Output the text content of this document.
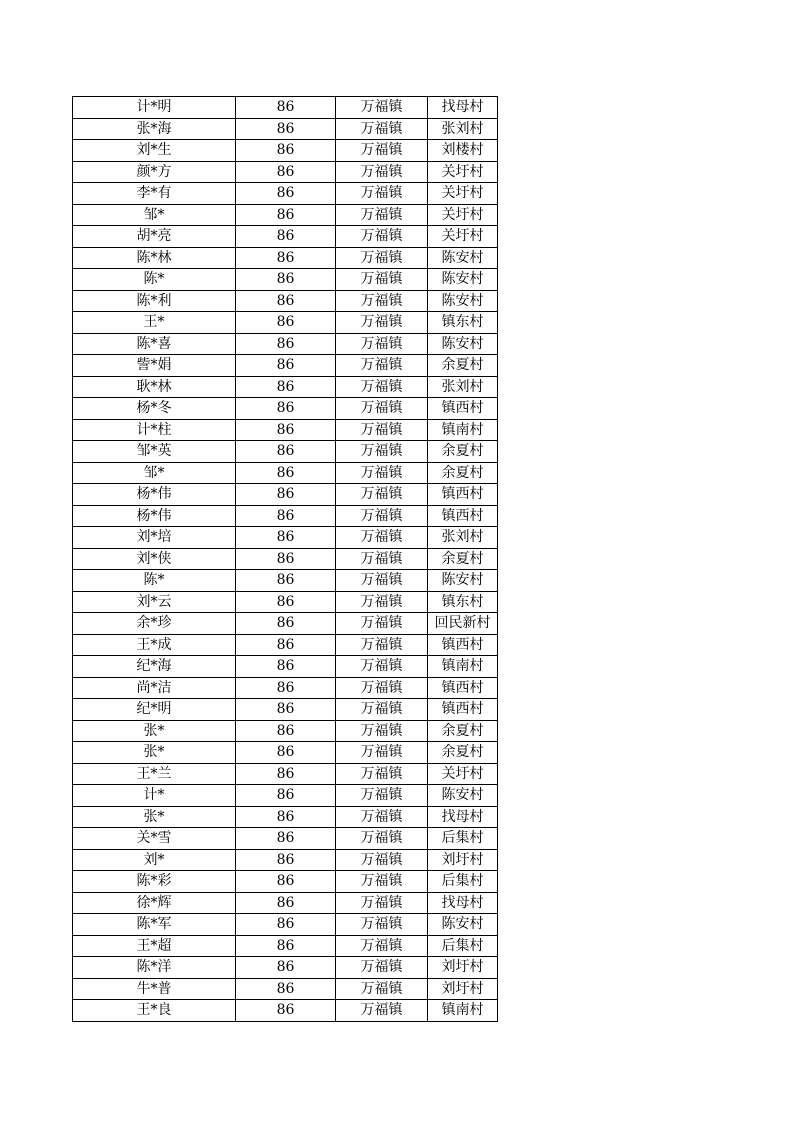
计*明	86	万福镇	找母村
张*海	86	万福镇	张刘村
刘*生	86	万福镇	刘楼村
颜*方	86	万福镇	关圩村
李*有	86	万福镇	关圩村
邹*	86	万福镇	关圩村
胡*亮	86	万福镇	关圩村
陈*林	86	万福镇	陈安村
陈*	86	万福镇	陈安村
陈*利	86	万福镇	陈安村
王*	86	万福镇	镇东村
陈*喜	86	万福镇	陈安村
訾*娟	86	万福镇	余夏村
耿*林	86	万福镇	张刘村
杨*冬	86	万福镇	镇西村
计*柱	86	万福镇	镇南村
邹*英	86	万福镇	余夏村
邹*	86	万福镇	余夏村
杨*伟	86	万福镇	镇西村
杨*伟	86	万福镇	镇西村
刘*培	86	万福镇	张刘村
刘*侠	86	万福镇	余夏村
陈*	86	万福镇	陈安村
刘*云	86	万福镇	镇东村
余*珍	86	万福镇	回民新村
王*成	86	万福镇	镇西村
纪*海	86	万福镇	镇南村
尚*洁	86	万福镇	镇西村
纪*明	86	万福镇	镇西村
张*	86	万福镇	余夏村
张*	86	万福镇	余夏村
王*兰	86	万福镇	关圩村
计*	86	万福镇	陈安村
张*	86	万福镇	找母村
关*雪	86	万福镇	后集村
刘*	86	万福镇	刘圩村
陈*彩	86	万福镇	后集村
徐*辉	86	万福镇	找母村
陈*军	86	万福镇	陈安村
王*超	86	万福镇	后集村
陈*洋	86	万福镇	刘圩村
牛*普	86	万福镇	刘圩村
王*良	86	万福镇	镇南村
